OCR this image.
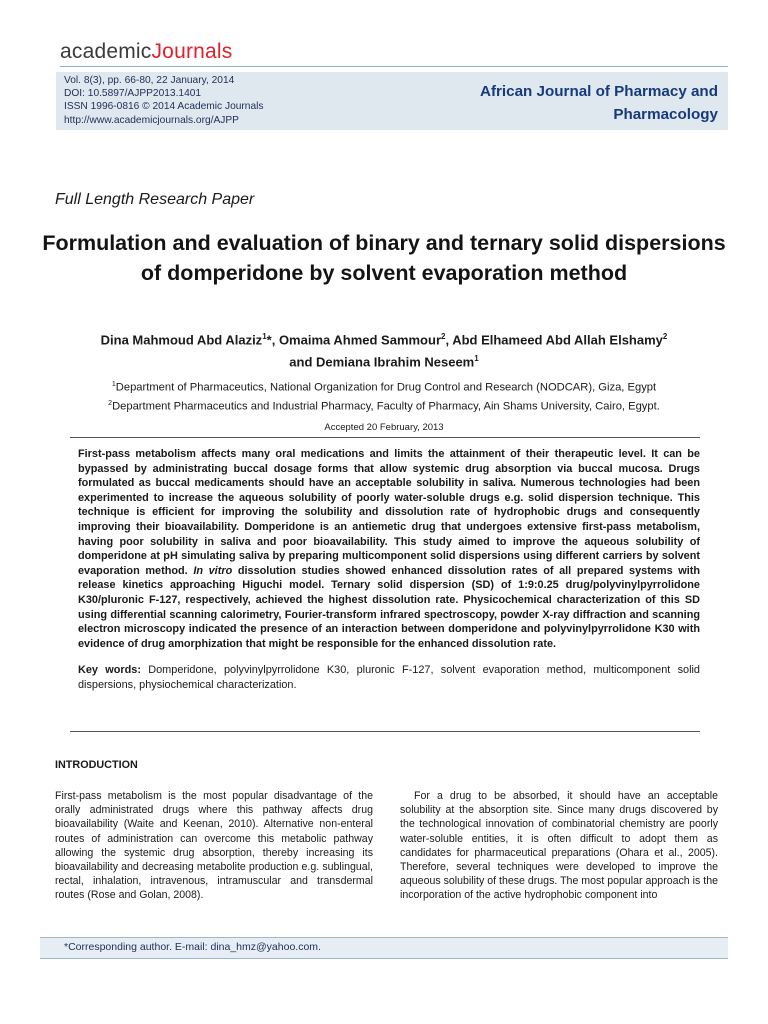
academicJournals
Vol. 8(3), pp. 66-80, 22 January, 2014
DOI: 10.5897/AJPP2013.1401
ISSN 1996-0816 © 2014 Academic Journals
http://www.academicjournals.org/AJPP
African Journal of Pharmacy and
Pharmacology
Full Length Research Paper
Formulation and evaluation of binary and ternary solid dispersions of domperidone by solvent evaporation method
Dina Mahmoud Abd Alaziz$^1$*, Omaima Ahmed Sammour$^2$, Abd Elhameed Abd Allah Elshamy$^2$
and Demiana Ibrahim Neseem$^1$
$^1$Department of Pharmaceutics, National Organization for Drug Control and Research (NODCAR), Giza, Egypt
$^2$Department Pharmaceutics and Industrial Pharmacy, Faculty of Pharmacy, Ain Shams University, Cairo, Egypt.
Accepted 20 February, 2013
First-pass metabolism affects many oral medications and limits the attainment of their therapeutic level. It can be bypassed by administrating buccal dosage forms that allow systemic drug absorption via buccal mucosa. Drugs formulated as buccal medicaments should have an acceptable solubility in saliva. Numerous technologies had been experimented to increase the aqueous solubility of poorly water-soluble drugs e.g. solid dispersion technique. This technique is efficient for improving the solubility and dissolution rate of hydrophobic drugs and consequently improving their bioavailability. Domperidone is an antiemetic drug that undergoes extensive first-pass metabolism, having poor solubility in saliva and poor bioavailability. This study aimed to improve the aqueous solubility of domperidone at pH simulating saliva by preparing multicomponent solid dispersions using different carriers by solvent evaporation method. In vitro dissolution studies showed enhanced dissolution rates of all prepared systems with release kinetics approaching Higuchi model. Ternary solid dispersion (SD) of 1:9:0.25 drug/polyvinylpyrrolidone K30/pluronic F-127, respectively, achieved the highest dissolution rate. Physicochemical characterization of this SD using differential scanning calorimetry, Fourier-transform infrared spectroscopy, powder X-ray diffraction and scanning electron microscopy indicated the presence of an interaction between domperidone and polyvinylpyrrolidone K30 with evidence of drug amorphization that might be responsible for the enhanced dissolution rate.
Key words: Domperidone, polyvinylpyrrolidone K30, pluronic F-127, solvent evaporation method, multicomponent solid dispersions, physiochemical characterization.
INTRODUCTION
First-pass metabolism is the most popular disadvantage of the orally administrated drugs where this pathway affects drug bioavailability (Waite and Keenan, 2010). Alternative non-enteral routes of administration can overcome this metabolic pathway allowing the systemic drug absorption, thereby increasing its bioavailability and decreasing metabolite production e.g. sublingual, rectal, inhalation, intravenous, intramuscular and transdermal routes (Rose and Golan, 2008).
For a drug to be absorbed, it should have an acceptable solubility at the absorption site. Since many drugs discovered by the technological innovation of combinatorial chemistry are poorly water-soluble entities, it is often difficult to adopt them as candidates for pharmaceutical preparations (Ohara et al., 2005). Therefore, several techniques were developed to improve the aqueous solubility of these drugs. The most popular approach is the incorporation of the active hydrophobic component into
*Corresponding author. E-mail: dina_hmz@yahoo.com.
